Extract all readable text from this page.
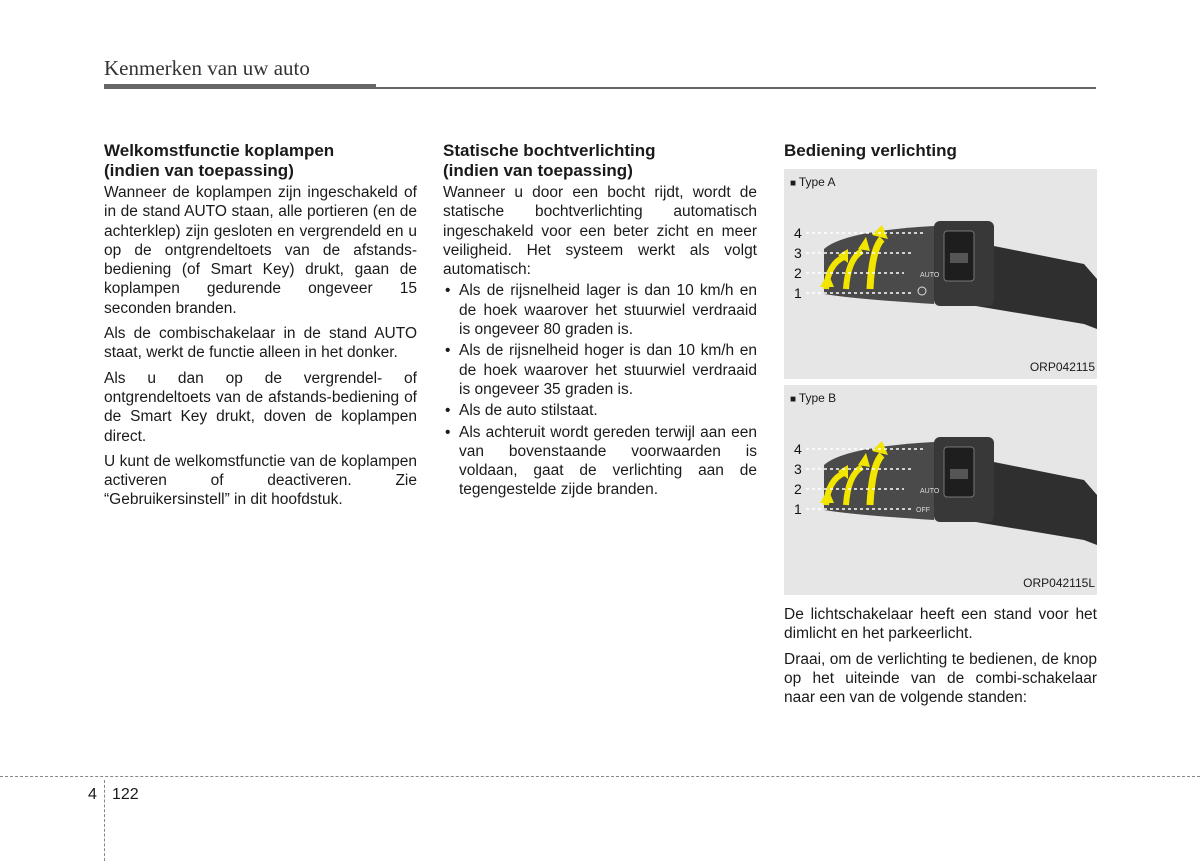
Kenmerken van uw auto
Welkomstfunctie koplampen
(indien van toepassing)

Wanneer de koplampen zijn ingeschakeld of in de stand AUTO staan, alle portieren (en de achterklep) zijn gesloten en vergrendeld en u op de ontgrendeltoets van de afstands-bediening (of Smart Key) drukt, gaan de koplampen gedurende ongeveer 15 seconden branden.

Als de combischakelaar in de stand AUTO staat, werkt de functie alleen in het donker.

Als u dan op de vergrendel- of ontgrendeltoets van de afstands-bediening of de Smart Key drukt, doven de koplampen direct.

U kunt de welkomstfunctie van de koplampen activeren of deactiveren. Zie “Gebruikersinstell” in dit hoofdstuk.

Statische bochtverlichting
(indien van toepassing)

Wanneer u door een bocht rijdt, wordt de statische bochtverlichting automatisch ingeschakeld voor een beter zicht en meer veiligheid. Het systeem werkt als volgt automatisch:

• Als de rijsnelheid lager is dan 10 km/h en de hoek waarover het stuurwiel verdraaid is ongeveer 80 graden is.
• Als de rijsnelheid hoger is dan 10 km/h en de hoek waarover het stuurwiel verdraaid is ongeveer 35 graden is.
• Als de auto stilstaat.
• Als achteruit wordt gereden terwijl aan een van bovenstaande voorwaarden is voldaan, gaat de verlichting aan de tegengestelde zijde branden.
Bediening verlichting
AUTO
4
3
2
1
■ Type A
ORP042115
AUTO
OFF
4
3
2
1
■ Type B
ORP042115L

De lichtschakelaar heeft een stand voor het dimlicht en het parkeerlicht.

Draai, om de verlichting te bedienen, de knop op het uiteinde van de combi-schakelaar naar een van de volgende standen:

4 122
